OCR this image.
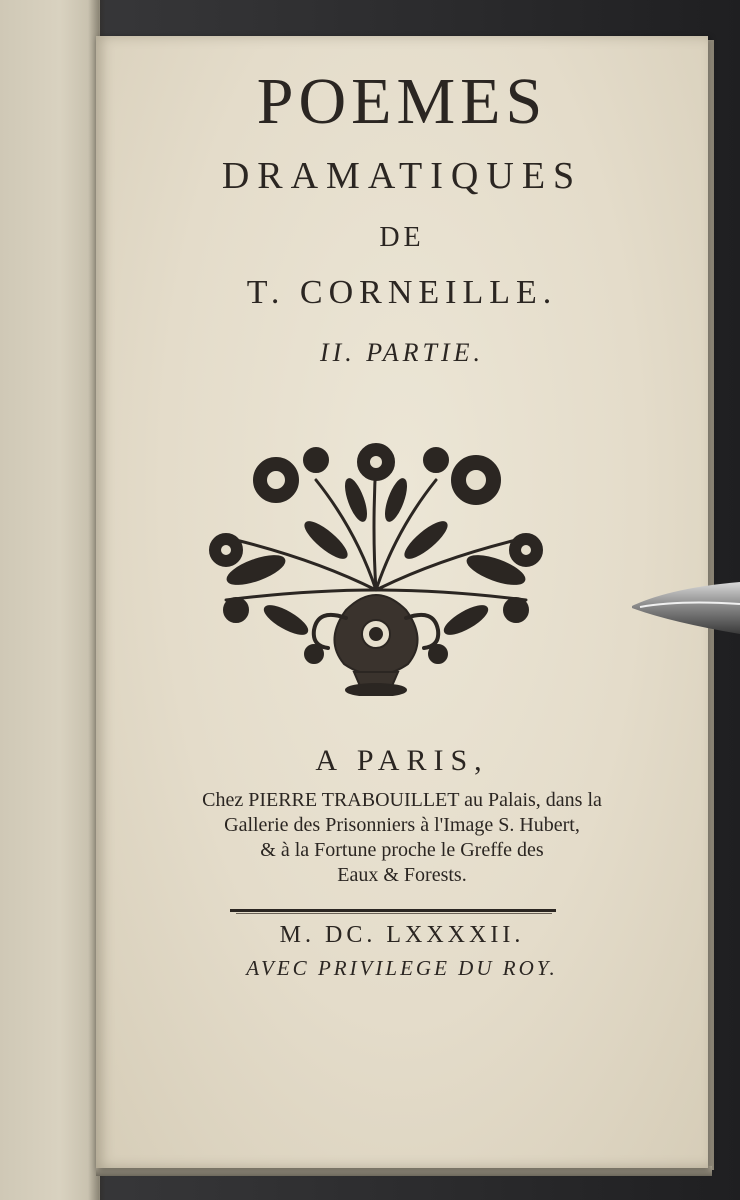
POEMES
DRAMATIQUES
DE
T. CORNEILLE.
II. PARTIE.
A PARIS,
Chez PIERRE TRABOUILLET au Palais, dans la
Gallerie des Prisonniers à l'Image S. Hubert,
& à la Fortune proche le Greffe des
Eaux & Forests.
M. DC. LXXXXII.
AVEC PRIVILEGE DU ROY.
